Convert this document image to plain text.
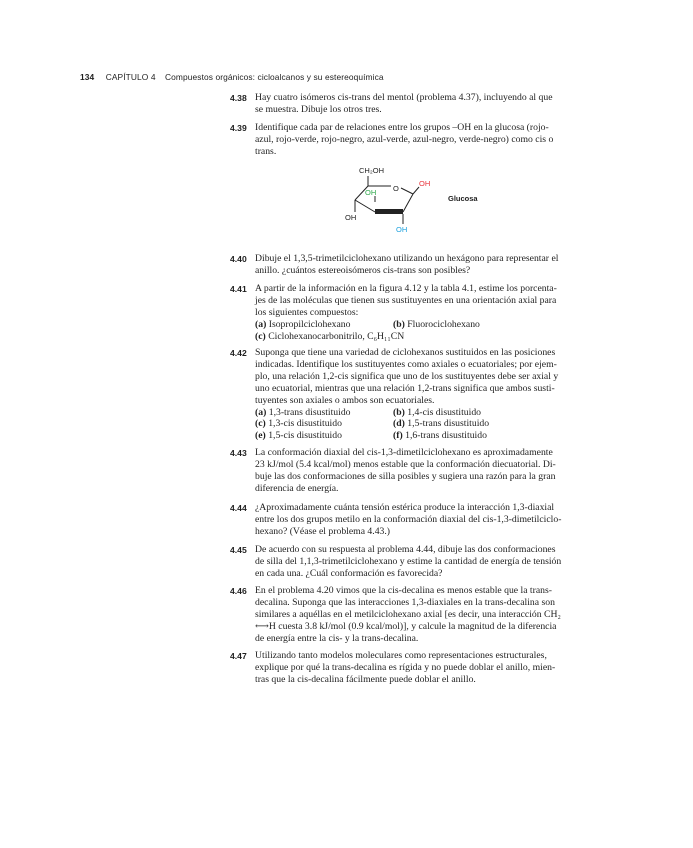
134 CAPÍTULO 4 Compuestos orgánicos: cicloalcanos y su estereoquímica
4.38 Hay cuatro isómeros cis-trans del mentol (problema 4.37), incluyendo al que
se muestra. Dibuje los otros tres.
4.39 Identifique cada par de relaciones entre los grupos –OH en la glucosa (rojo-
azul, rojo-verde, rojo-negro, azul-verde, azul-negro, verde-negro) como cis o
trans.
CH₂OH
O
OH
OH
OH
OH
Glucosa
4.40 Dibuje el 1,3,5-trimetilciclohexano utilizando un hexágono para representar el
anillo. ¿cuántos estereoisómeros cis-trans son posibles?
4.41 A partir de la información en la figura 4.12 y la tabla 4.1, estime los porcenta-
jes de las moléculas que tienen sus sustituyentes en una orientación axial para
los siguientes compuestos:
(a) Isopropilciclohexano
(c) Ciclohexanocarbonitrilo, C₆H₁₁CN
(b) Fluorociclohexano
4.42 Suponga que tiene una variedad de ciclohexanos sustituidos en las posiciones
indicadas. Identifique los sustituyentes como axiales o ecuatoriales; por ejem-
plo, una relación 1,2-cis significa que uno de los sustituyentes debe ser axial y
uno ecuatorial, mientras que una relación 1,2-trans significa que ambos susti-
tuyentes son axiales o ambos son ecuatoriales.
(a) 1,3-trans disustituido
(c) 1,3-cis disustituido
(e) 1,5-cis disustituido
(b) 1,4-cis disustituido
(d) 1,5-trans disustituido
(f) 1,6-trans disustituido
4.43 La conformación diaxial del cis-1,3-dimetilciclohexano es aproximadamente
23 kJ/mol (5.4 kcal/mol) menos estable que la conformación diecuatorial. Di-
buje las dos conformaciones de silla posibles y sugiera una razón para la gran
diferencia de energía.
4.44 ¿Aproximadamente cuánta tensión estérica produce la interacción 1,3-diaxial
entre los dos grupos metilo en la conformación diaxial del cis-1,3-dimetilciclo-
hexano? (Véase el problema 4.43.)
4.45 De acuerdo con su respuesta al problema 4.44, dibuje las dos conformaciones
de silla del 1,1,3-trimetilciclohexano y estime la cantidad de energía de tensión
en cada una. ¿Cuál conformación es favorecida?
4.46 En el problema 4.20 vimos que la cis-decalina es menos estable que la trans-
decalina. Suponga que las interacciones 1,3-diaxiales en la trans-decalina son
similares a aquéllas en el metilciclohexano axial [es decir, una interacción CH₂
⟷H cuesta 3.8 kJ/mol (0.9 kcal/mol)], y calcule la magnitud de la diferencia
de energía entre la cis- y la trans-decalina.
4.47 Utilizando tanto modelos moleculares como representaciones estructurales,
explique por qué la trans-decalina es rígida y no puede doblar el anillo, mien-
tras que la cis-decalina fácilmente puede doblar el anillo.
